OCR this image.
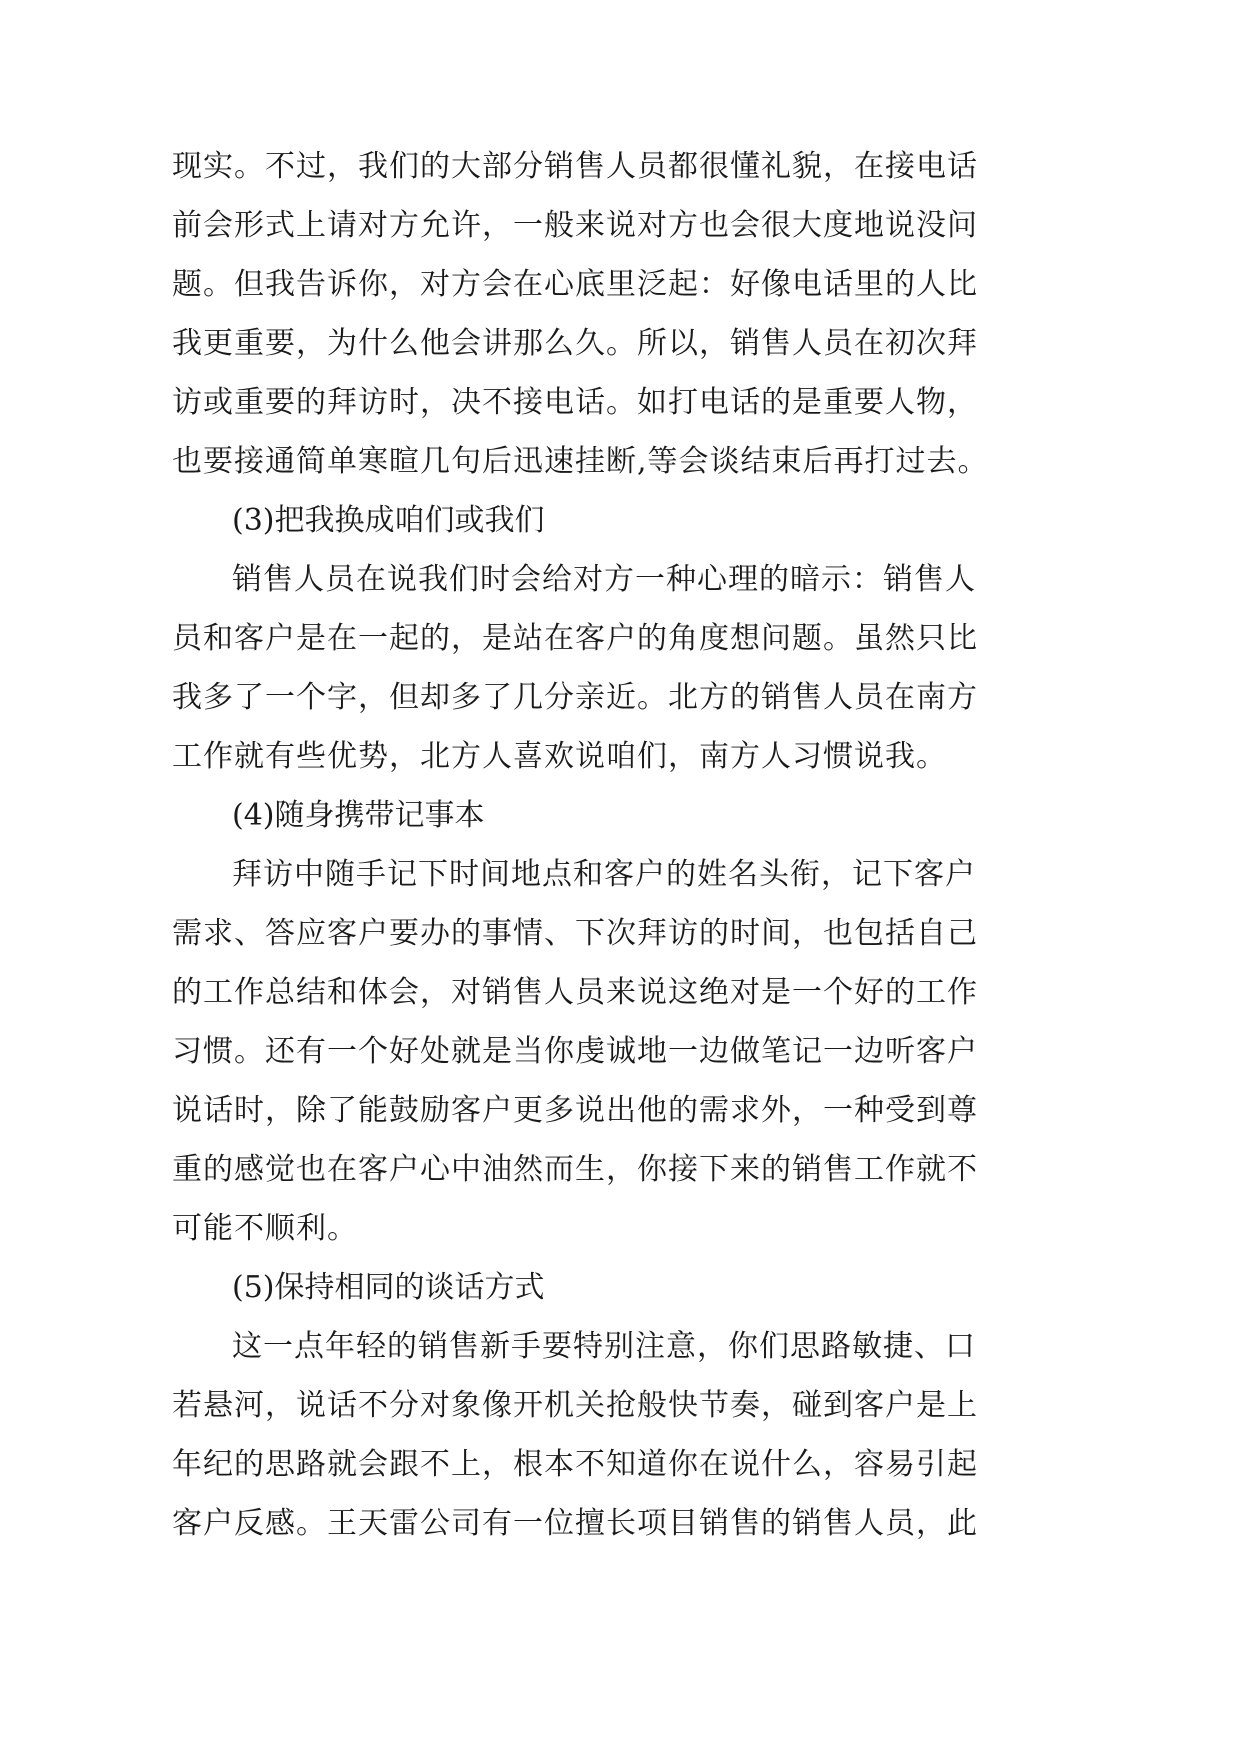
现实。不过，我们的大部分销售人员都很懂礼貌，在接电话
前会形式上请对方允许，一般来说对方也会很大度地说没问
题。但我告诉你，对方会在心底里泛起：好像电话里的人比
我更重要，为什么他会讲那么久。所以，销售人员在初次拜
访或重要的拜访时，决不接电话。如打电话的是重要人物，
也要接通简单寒暄几句后迅速挂断,等会谈结束后再打过去。
(3)把我换成咱们或我们
销售人员在说我们时会给对方一种心理的暗示：销售人
员和客户是在一起的，是站在客户的角度想问题。虽然只比
我多了一个字，但却多了几分亲近。北方的销售人员在南方
工作就有些优势，北方人喜欢说咱们，南方人习惯说我。
(4)随身携带记事本
拜访中随手记下时间地点和客户的姓名头衔，记下客户
需求、答应客户要办的事情、下次拜访的时间，也包括自己
的工作总结和体会，对销售人员来说这绝对是一个好的工作
习惯。还有一个好处就是当你虔诚地一边做笔记一边听客户
说话时，除了能鼓励客户更多说出他的需求外，一种受到尊
重的感觉也在客户心中油然而生，你接下来的销售工作就不
可能不顺利。
(5)保持相同的谈话方式
这一点年轻的销售新手要特别注意，你们思路敏捷、口
若悬河，说话不分对象像开机关抢般快节奏，碰到客户是上
年纪的思路就会跟不上，根本不知道你在说什么，容易引起
客户反感。王天雷公司有一位擅长项目销售的销售人员，此
